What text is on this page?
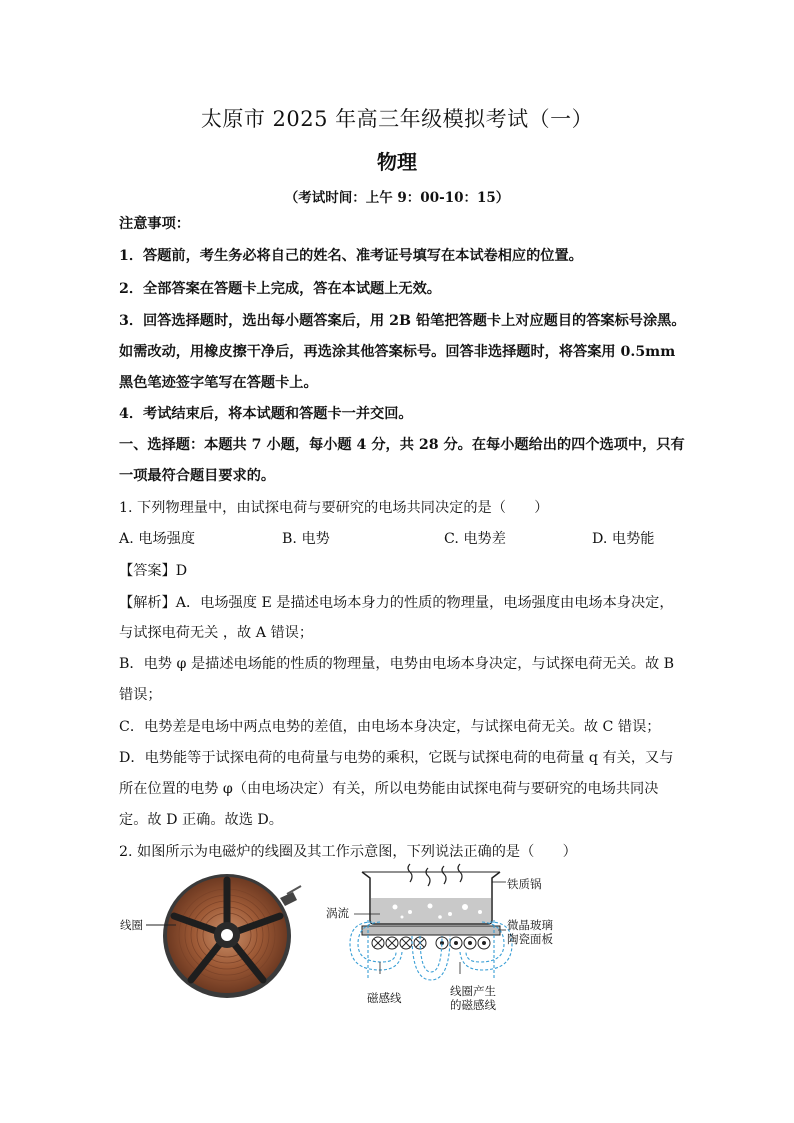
太原市 2025 年高三年级模拟考试（一）
物理
（考试时间：上午 9：00-10：15）
注意事项：
1．答题前，考生务必将自己的姓名、准考证号填写在本试卷相应的位置。
2．全部答案在答题卡上完成，答在本试题上无效。
3．回答选择题时，选出每小题答案后，用 2B 铅笔把答题卡上对应题目的答案标号涂黑。
如需改动，用橡皮擦干净后，再选涂其他答案标号。回答非选择题时，将答案用 0.5mm
黑色笔迹签字笔写在答题卡上。
4．考试结束后，将本试题和答题卡一并交回。
一、选择题：本题共 7 小题，每小题 4 分，共 28 分。在每小题给出的四个选项中，只有
一项最符合题目要求的。
1. 下列物理量中，由试探电荷与要研究的电场共同决定的是（　　）
A. 电场强度	B. 电势	C. 电势差	D. 电势能
【答案】D
【解析】A．电场强度 E 是描述电场本身力的性质的物理量，电场强度由电场本身决定，
与试探电荷无关 ，故 A 错误；
B．电势 φ 是描述电场能的性质的物理量，电势由电场本身决定，与试探电荷无关。故 B
错误；
C．电势差是电场中两点电势的差值，由电场本身决定，与试探电荷无关。故 C 错误；
D．电势能等于试探电荷的电荷量与电势的乘积，它既与试探电荷的电荷量 q 有关，又与
所在位置的电势 φ（由电场决定）有关，所以电势能由试探电荷与要研究的电场共同决
定。故 D 正确。故选 D。
2. 如图所示为电磁炉的线圈及其工作示意图，下列说法正确的是（　　）
线圈
铁质锅
涡流
微晶玻璃
陶瓷面板
磁感线	线圈产生
的磁感线
